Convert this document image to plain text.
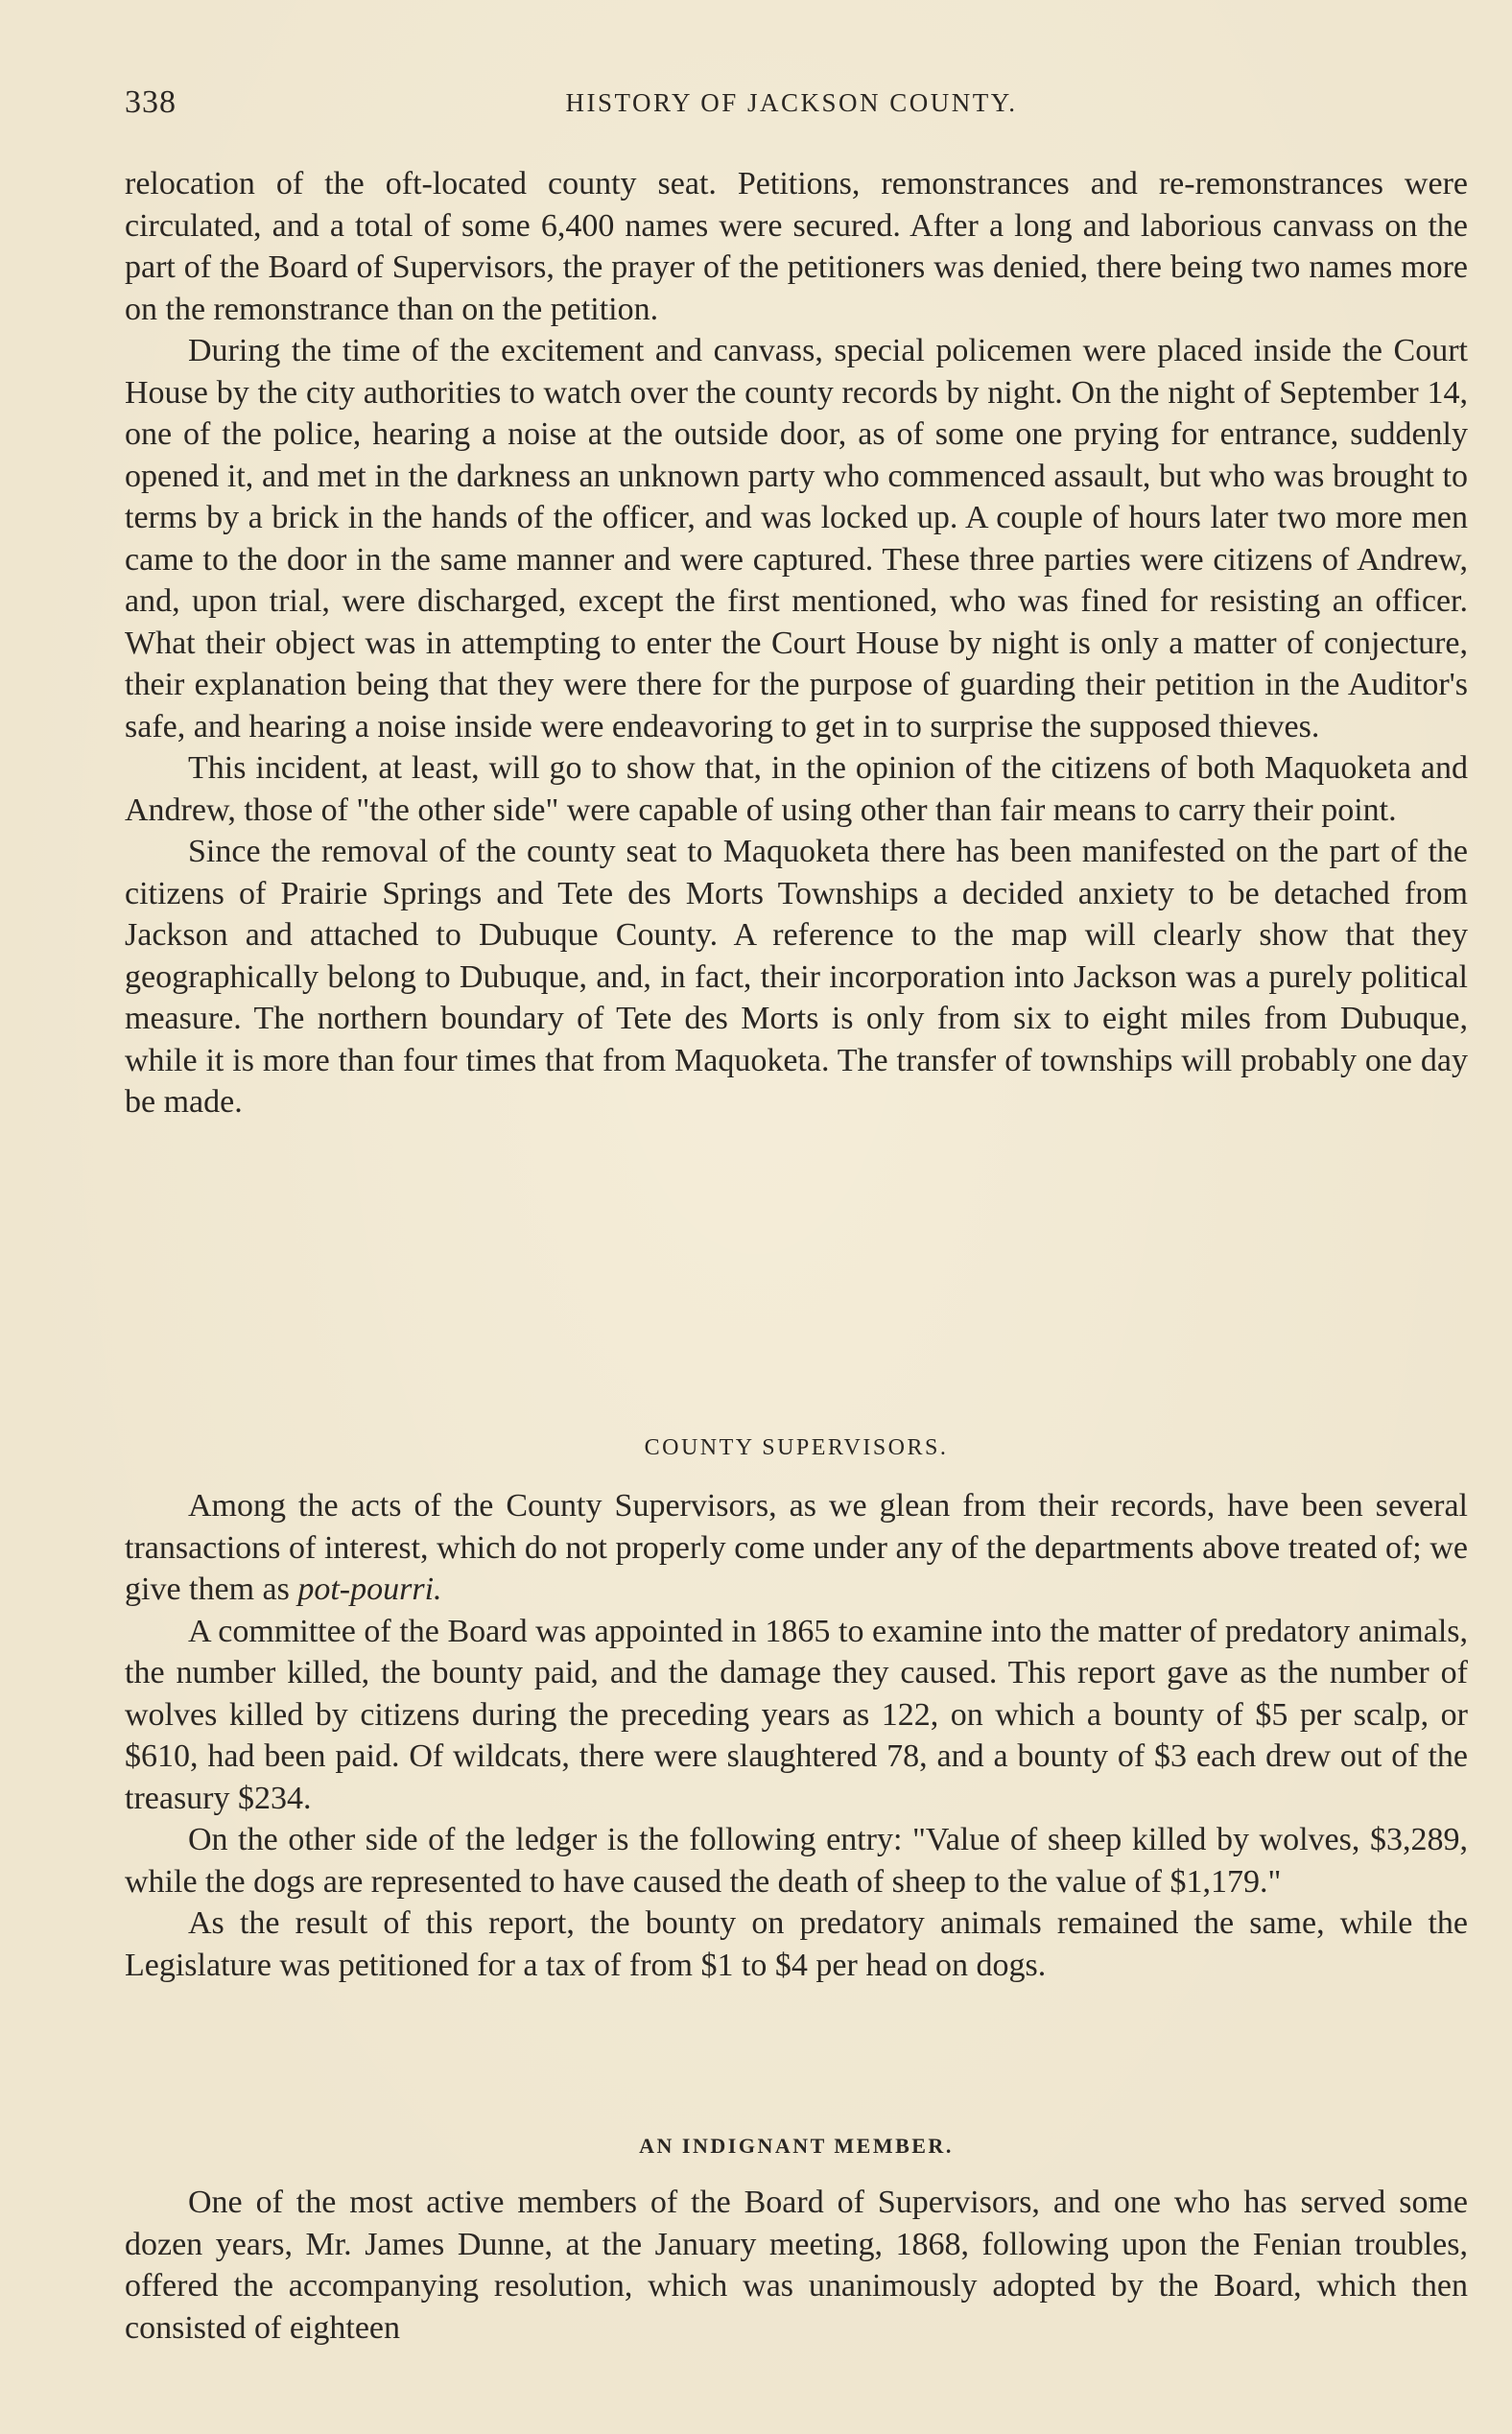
338	HISTORY OF JACKSON COUNTY.

relocation of the oft-located county seat. Petitions, remonstrances and re-remonstrances were circulated, and a total of some 6,400 names were secured. After a long and laborious canvass on the part of the Board of Supervisors, the prayer of the petitioners was denied, there being two names more on the remonstrance than on the petition.

During the time of the excitement and canvass, special policemen were placed inside the Court House by the city authorities to watch over the county records by night. On the night of September 14, one of the police, hearing a noise at the outside door, as of some one prying for entrance, suddenly opened it, and met in the darkness an unknown party who commenced assault, but who was brought to terms by a brick in the hands of the officer, and was locked up. A couple of hours later two more men came to the door in the same manner and were captured. These three parties were citizens of Andrew, and, upon trial, were discharged, except the first mentioned, who was fined for resisting an officer. What their object was in attempting to enter the Court House by night is only a matter of conjecture, their explanation being that they were there for the purpose of guarding their petition in the Auditor's safe, and hearing a noise inside were endeavoring to get in to surprise the supposed thieves.

This incident, at least, will go to show that, in the opinion of the citizens of both Maquoketa and Andrew, those of "the other side" were capable of using other than fair means to carry their point.

Since the removal of the county seat to Maquoketa there has been manifested on the part of the citizens of Prairie Springs and Tete des Morts Townships a decided anxiety to be detached from Jackson and attached to Dubuque County. A reference to the map will clearly show that they geographically belong to Dubuque, and, in fact, their incorporation into Jackson was a purely political measure. The northern boundary of Tete des Morts is only from six to eight miles from Dubuque, while it is more than four times that from Maquoketa. The transfer of townships will probably one day be made.

COUNTY SUPERVISORS.

Among the acts of the County Supervisors, as we glean from their records, have been several transactions of interest, which do not properly come under any of the departments above treated of; we give them as pot-pourri.

A committee of the Board was appointed in 1865 to examine into the matter of predatory animals, the number killed, the bounty paid, and the damage they caused. This report gave as the number of wolves killed by citizens during the preceding years as 122, on which a bounty of $5 per scalp, or $610, had been paid. Of wildcats, there were slaughtered 78, and a bounty of $3 each drew out of the treasury $234.

On the other side of the ledger is the following entry: "Value of sheep killed by wolves, $3,289, while the dogs are represented to have caused the death of sheep to the value of $1,179."

As the result of this report, the bounty on predatory animals remained the same, while the Legislature was petitioned for a tax of from $1 to $4 per head on dogs.

AN INDIGNANT MEMBER.

One of the most active members of the Board of Supervisors, and one who has served some dozen years, Mr. James Dunne, at the January meeting, 1868, following upon the Fenian troubles, offered the accompanying resolution, which was unanimously adopted by the Board, which then consisted of eighteen
